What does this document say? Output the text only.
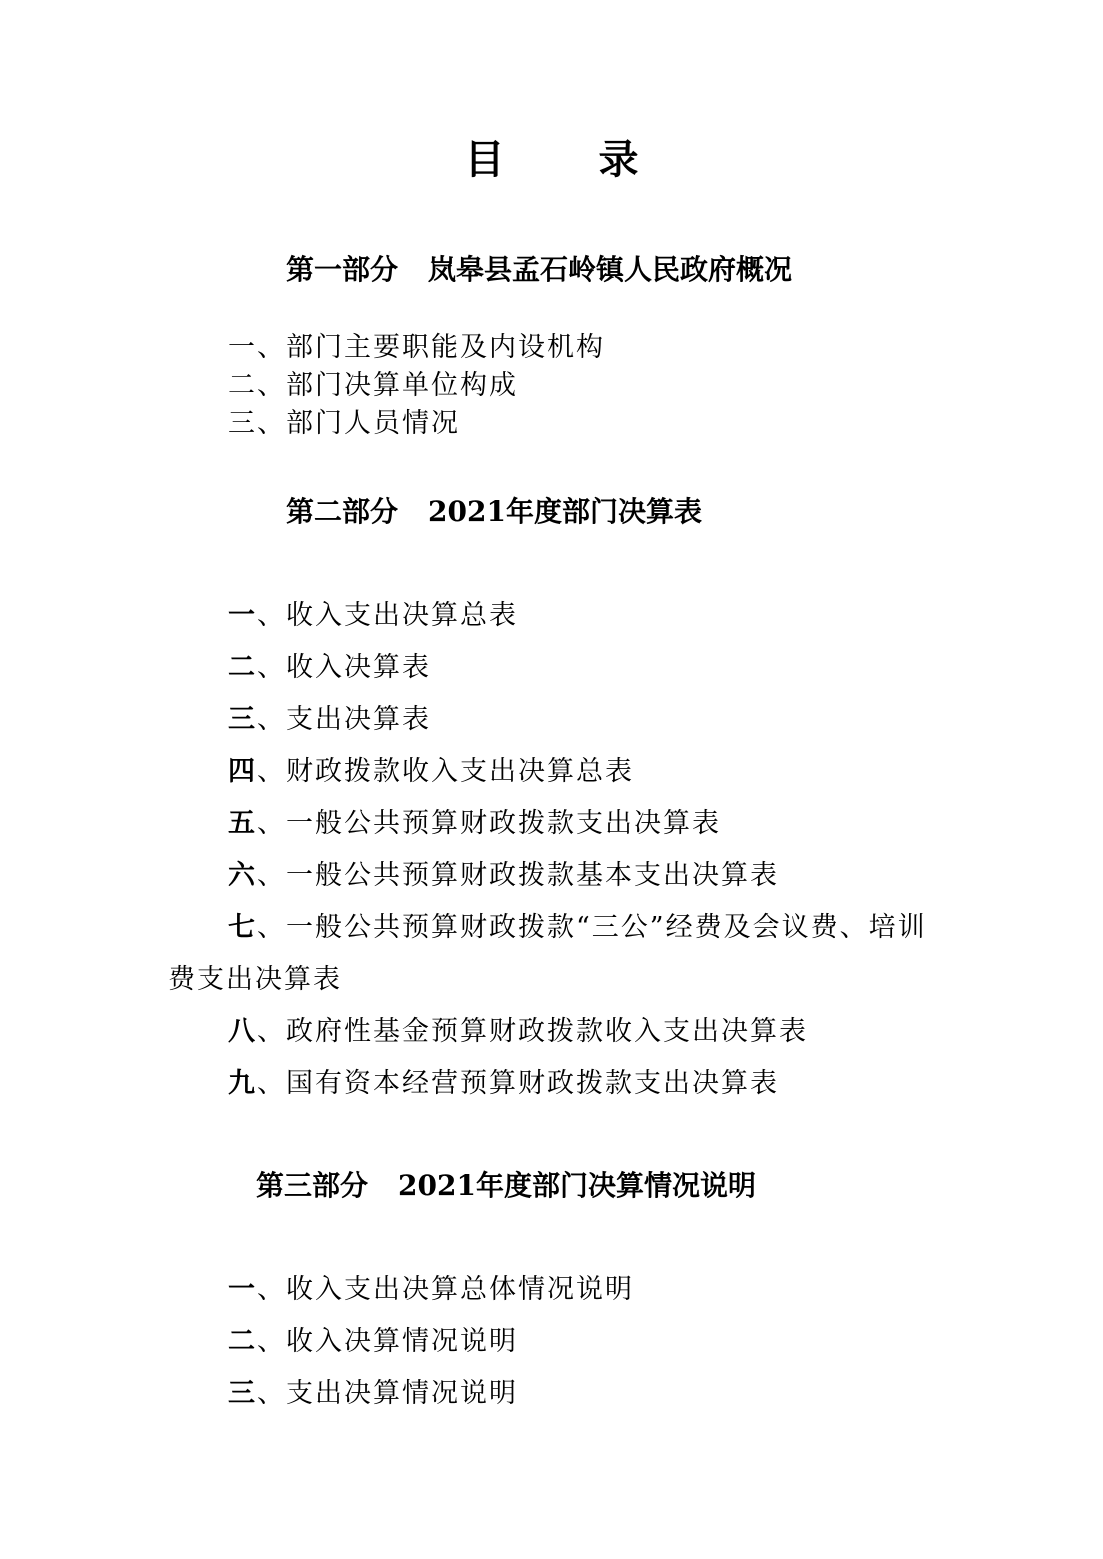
目 录
第一部分 岚皋县孟石岭镇人民政府概况
一、部门主要职能及内设机构
二、部门决算单位构成
三、部门人员情况
第二部分 2021年度部门决算表
一、收入支出决算总表
二、收入决算表
三、支出决算表
四、财政拨款收入支出决算总表
五、一般公共预算财政拨款支出决算表
六、一般公共预算财政拨款基本支出决算表
七、一般公共预算财政拨款“三公”经费及会议费、培训费支出决算表
八、政府性基金预算财政拨款收入支出决算表
九、国有资本经营预算财政拨款支出决算表
第三部分 2021年度部门决算情况说明
一、收入支出决算总体情况说明
二、收入决算情况说明
三、支出决算情况说明
